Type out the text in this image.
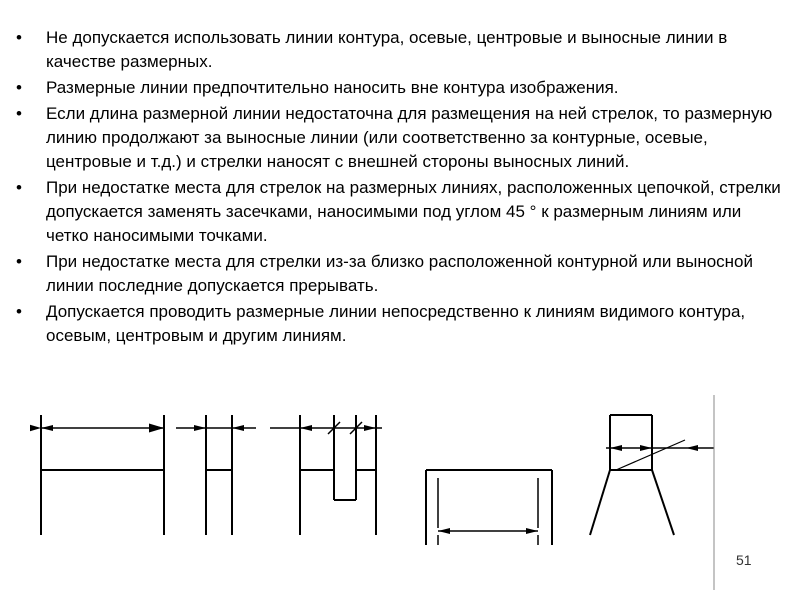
•	Не допускается использовать линии контура, осевые, центровые и выносные линии в качестве размерных.
•	Размерные линии предпочтительно наносить вне контура изображения.
•	Если длина размерной линии недостаточна для размещения на ней стрелок, то размерную линию продолжают за выносные линии (или соответственно за контурные, осевые, центровые и т.д.) и стрелки наносят с внешней стороны выносных линий.
•	При недостатке места для стрелок на размерных линиях, расположенных цепочкой, стрелки допускается заменять засечками, наносимыми под углом 45 ° к размерным линиям или четко наносимыми точками.
•	При недостатке места для стрелки из-за близко расположенной контурной или выносной линии последние допускается прерывать.
•	Допускается проводить размерные линии непосредственно к линиям видимого контура, осевым, центровым и другим линиям.
51
